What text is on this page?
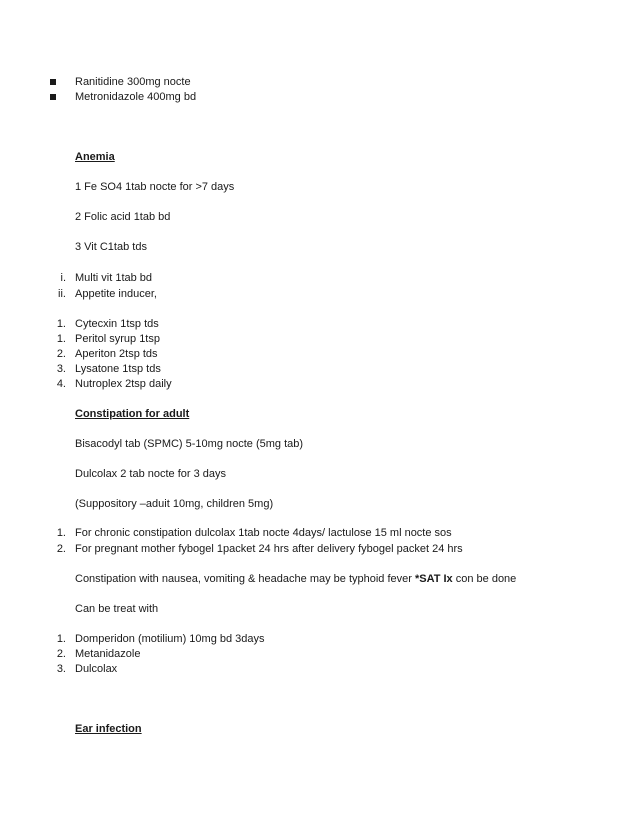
Ranitidine 300mg nocte
Metronidazole 400mg bd
Anemia
1 Fe SO4 1tab nocte for >7 days
2 Folic acid 1tab bd
3 Vit C1tab tds
i. Multi vit 1tab bd
ii. Appetite inducer,
1. Cytecxin 1tsp tds
1. Peritol syrup 1tsp
2. Aperiton 2tsp tds
3. Lysatone 1tsp tds
4. Nutroplex 2tsp daily
Constipation for adult
Bisacodyl tab (SPMC) 5-10mg nocte (5mg tab)
Dulcolax 2 tab nocte for 3 days
(Suppository –aduit 10mg, children 5mg)
1. For chronic constipation dulcolax 1tab nocte 4days/ lactulose 15 ml nocte sos
2. For pregnant mother fybogel 1packet 24 hrs after delivery fybogel packet 24 hrs
Constipation with nausea, vomiting & headache may be typhoid fever *SAT Ix con be done
Can be treat with
1. Domperidon (motilium) 10mg bd 3days
2. Metanidazole
3. Dulcolax
Ear infection
